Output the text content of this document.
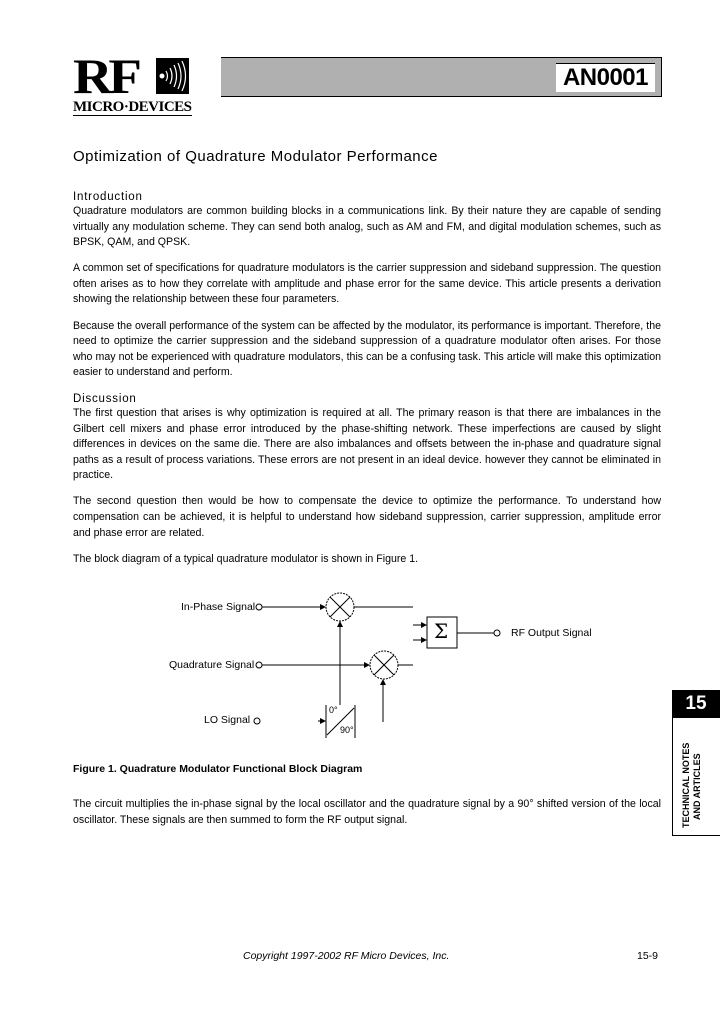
RF
MICRO·DEVICES
AN0001
Optimization of Quadrature Modulator Performance
Introduction

Quadrature modulators are common building blocks in a communications link. By their nature they are capable of sending virtually any modulation scheme. They can send both analog, such as AM and FM, and digital modulation schemes, such as BPSK, QAM, and QPSK.

A common set of specifications for quadrature modulators is the carrier suppression and sideband suppression. The question often arises as to how they correlate with amplitude and phase error for the same device. This article presents a derivation showing the relationship between these four parameters.

Because the overall performance of the system can be affected by the modulator, its performance is important. Therefore, the need to optimize the carrier suppression and the sideband suppression of a quadrature modulator often arises. For those who may not be experienced with quadrature modulators, this can be a confusing task. This article will make this optimization easier to understand and perform.

Discussion

The first question that arises is why optimization is required at all. The primary reason is that there are imbalances in the Gilbert cell mixers and phase error introduced by the phase-shifting network. These imperfections are caused by slight differences in devices on the same die. There are also imbalances and offsets between the in-phase and quadrature signal paths as a result of process variations. These errors are not present in an ideal device. however they cannot be eliminated in practice.

The second question then would be how to compensate the device to optimize the performance. To understand how compensation can be achieved, it is helpful to understand how sideband suppression, carrier suppression, amplitude error and phase error are related.

The block diagram of a typical quadrature modulator is shown in Figure 1.

In-Phase Signal
Quadrature Signal
LO Signal
RF Output Signal
Σ
0°
90°
Figure 1. Quadrature Modulator Functional Block Diagram

The circuit multiplies the in-phase signal by the local oscillator and the quadrature signal by a 90° shifted version of the local oscillator. These signals are then summed to form the RF output signal.

15
TECHNICAL NOTES AND ARTICLES
Copyright 1997-2002 RF Micro Devices, Inc.	15-9
